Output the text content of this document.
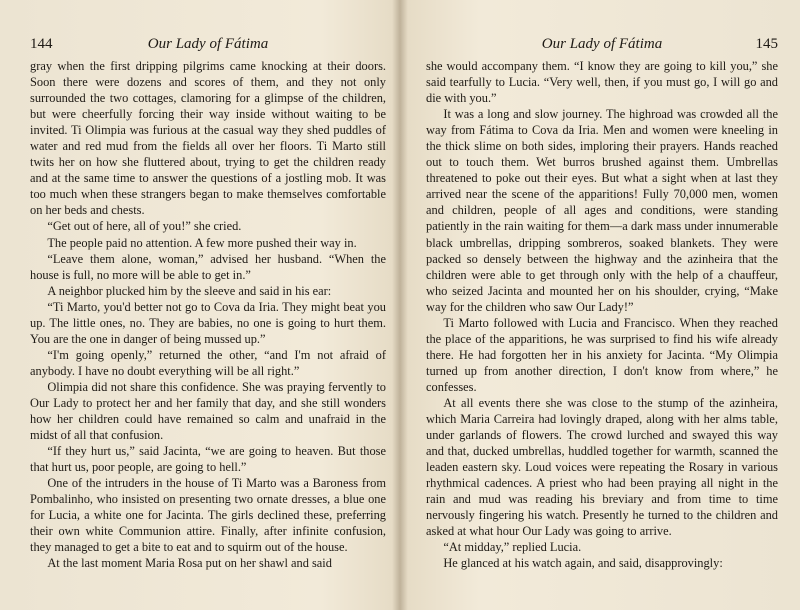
Our Lady of Fátima
144

gray when the first dripping pilgrims came knocking at their doors. Soon there were dozens and scores of them, and they not only surrounded the two cottages, clamoring for a glimpse of the children, but were cheerfully forcing their way inside without waiting to be invited. Ti Olimpia was furious at the casual way they shed puddles of water and red mud from the fields all over her floors. Ti Marto still twits her on how she fluttered about, trying to get the children ready and at the same time to answer the questions of a jostling mob. It was too much when these strangers began to make themselves comfortable on her beds and chests.

“Get out of here, all of you!” she cried.

The people paid no attention. A few more pushed their way in.

“Leave them alone, woman,” advised her husband. “When the house is full, no more will be able to get in.”

A neighbor plucked him by the sleeve and said in his ear:

“Ti Marto, you'd better not go to Cova da Iria. They might beat you up. The little ones, no. They are babies, no one is going to hurt them. You are the one in danger of being mussed up.”

“I'm going openly,” returned the other, “and I'm not afraid of anybody. I have no doubt everything will be all right.”

Olimpia did not share this confidence. She was praying fervently to Our Lady to protect her and her family that day, and she still wonders how her children could have remained so calm and unafraid in the midst of all that confusion.

“If they hurt us,” said Jacinta, “we are going to heaven. But those that hurt us, poor people, are going to hell.”

One of the intruders in the house of Ti Marto was a Baroness from Pombalinho, who insisted on presenting two ornate dresses, a blue one for Lucia, a white one for Jacinta. The girls declined these, preferring their own white Communion attire. Finally, after infinite confusion, they managed to get a bite to eat and to squirm out of the house.

At the last moment Maria Rosa put on her shawl and said

Our Lady of Fátima	145

she would accompany them. “I know they are going to kill you,” she said tearfully to Lucia. “Very well, then, if you must go, I will go and die with you.”

It was a long and slow journey. The highroad was crowded all the way from Fátima to Cova da Iria. Men and women were kneeling in the thick slime on both sides, imploring their prayers. Hands reached out to touch them. Wet burros brushed against them. Umbrellas threatened to poke out their eyes. But what a sight when at last they arrived near the scene of the apparitions! Fully 70,000 men, women and children, people of all ages and conditions, were standing patiently in the rain waiting for them—a dark mass under innumerable black umbrellas, dripping sombreros, soaked blankets. They were packed so densely between the highway and the azinheira that the children were able to get through only with the help of a chauffeur, who seized Jacinta and mounted her on his shoulder, crying, “Make way for the children who saw Our Lady!”

Ti Marto followed with Lucia and Francisco. When they reached the place of the apparitions, he was surprised to find his wife already there. He had forgotten her in his anxiety for Jacinta. “My Olimpia turned up from another direction, I don't know from where,” he confesses.

At all events there she was close to the stump of the azinheira, which Maria Carreira had lovingly draped, along with her alms table, under garlands of flowers. The crowd lurched and swayed this way and that, ducked umbrellas, huddled together for warmth, scanned the leaden eastern sky. Loud voices were repeating the Rosary in various rhythmical cadences. A priest who had been praying all night in the rain and mud was reading his breviary and from time to time nervously fingering his watch. Presently he turned to the children and asked at what hour Our Lady was going to arrive.

“At midday,” replied Lucia.

He glanced at his watch again, and said, disapprovingly:
